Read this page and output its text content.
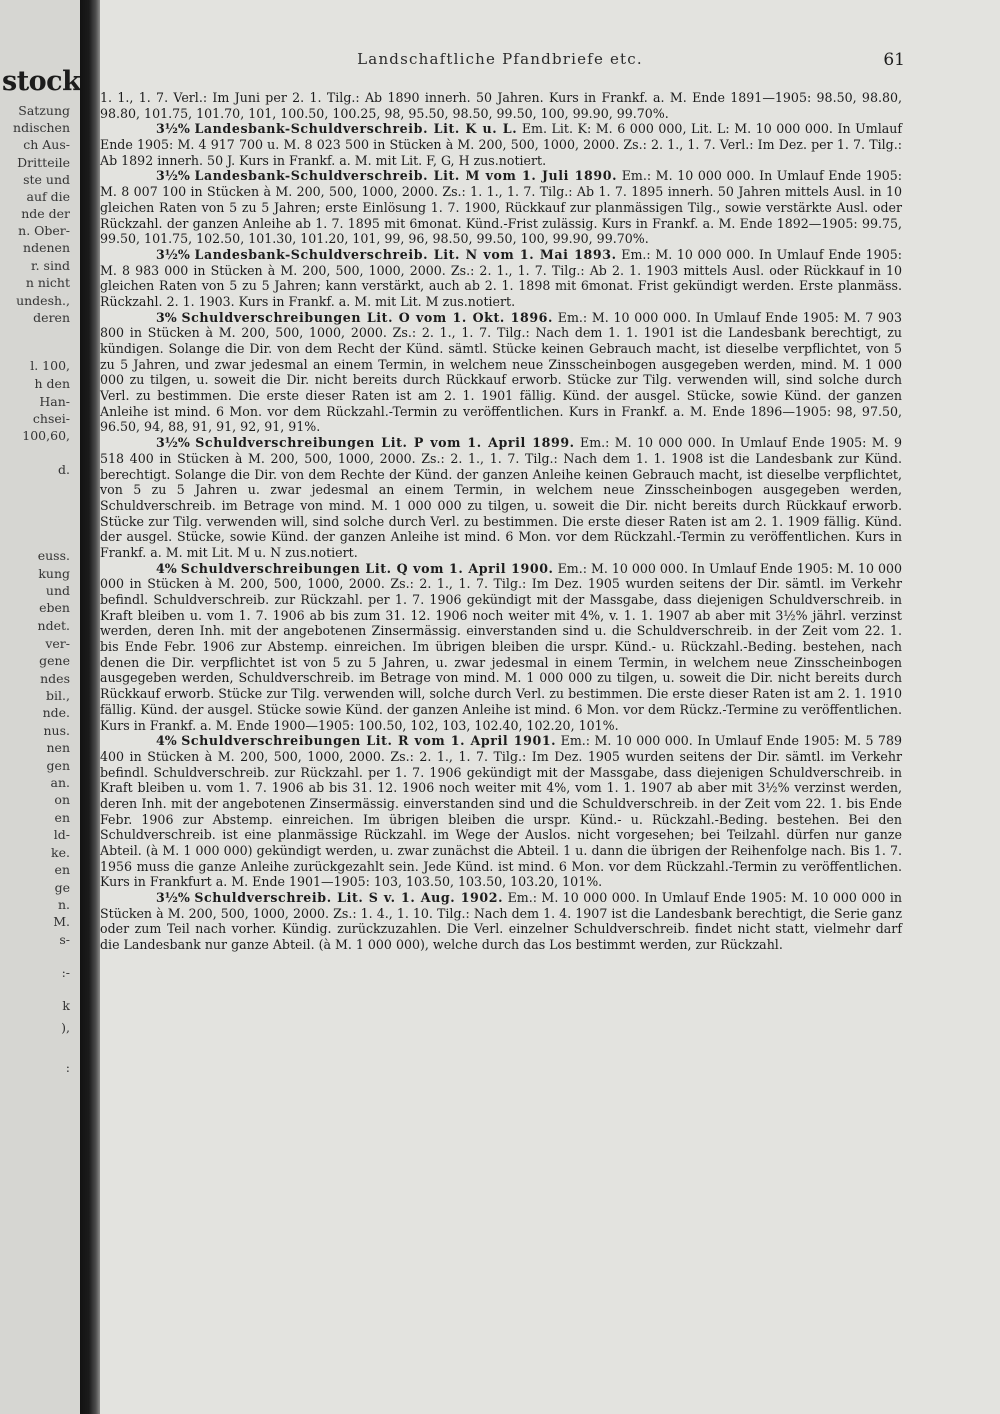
stock
Satzung
ndischen
ch Aus-
Dritteile
ste und
auf die
nde der
n. Ober-
ndenen
r. sind
n nicht
undesh.,
deren
l. 100,
h den
Han-
chsei-
100,60,
d.
euss.
kung
und
eben
ndet.
ver-
gene
ndes
bil.,
nde.
nus.
nen
gen
an.
on
en
ld-
ke.
en
ge
n.
M.
s-
:-
k
),
:
Landschaftliche Pfandbriefe etc.	61

1. 1., 1. 7. Verl.: Im Juni per 2. 1. Tilg.: Ab 1890 innerh. 50 Jahren. Kurs in Frankf. a. M. Ende 1891—1905: 98.50, 98.80, 98.80, 101.75, 101.70, 101, 100.50, 100.25, 98, 95.50, 98.50, 99.50, 100, 99.90, 99.70%.

3½% Landesbank-Schuldverschreib. Lit. K u. L. Em. Lit. K: M. 6 000 000, Lit. L: M. 10 000 000. In Umlauf Ende 1905: M. 4 917 700 u. M. 8 023 500 in Stücken à M. 200, 500, 1000, 2000. Zs.: 2. 1., 1. 7. Verl.: Im Dez. per 1. 7. Tilg.: Ab 1892 innerh. 50 J. Kurs in Frankf. a. M. mit Lit. F, G, H zus.notiert.

3½% Landesbank-Schuldverschreib. Lit. M vom 1. Juli 1890. Em.: M. 10 000 000. In Umlauf Ende 1905: M. 8 007 100 in Stücken à M. 200, 500, 1000, 2000. Zs.: 1. 1., 1. 7. Tilg.: Ab 1. 7. 1895 innerh. 50 Jahren mittels Ausl. in 10 gleichen Raten von 5 zu 5 Jahren; erste Einlösung 1. 7. 1900, Rückkauf zur planmässigen Tilg., sowie verstärkte Ausl. oder Rückzahl. der ganzen Anleihe ab 1. 7. 1895 mit 6monat. Künd.-Frist zulässig. Kurs in Frankf. a. M. Ende 1892—1905: 99.75, 99.50, 101.75, 102.50, 101.30, 101.20, 101, 99, 96, 98.50, 99.50, 100, 99.90, 99.70%.

3½% Landesbank-Schuldverschreib. Lit. N vom 1. Mai 1893. Em.: M. 10 000 000. In Umlauf Ende 1905: M. 8 983 000 in Stücken à M. 200, 500, 1000, 2000. Zs.: 2. 1., 1. 7. Tilg.: Ab 2. 1. 1903 mittels Ausl. oder Rückkauf in 10 gleichen Raten von 5 zu 5 Jahren; kann verstärkt, auch ab 2. 1. 1898 mit 6monat. Frist gekündigt werden. Erste planmäss. Rückzahl. 2. 1. 1903. Kurs in Frankf. a. M. mit Lit. M zus.notiert.

3% Schuldverschreibungen Lit. O vom 1. Okt. 1896. Em.: M. 10 000 000. In Umlauf Ende 1905: M. 7 903 800 in Stücken à M. 200, 500, 1000, 2000. Zs.: 2. 1., 1. 7. Tilg.: Nach dem 1. 1. 1901 ist die Landesbank berechtigt, zu kündigen. Solange die Dir. von dem Recht der Künd. sämtl. Stücke keinen Gebrauch macht, ist dieselbe verpflichtet, von 5 zu 5 Jahren, und zwar jedesmal an einem Termin, in welchem neue Zinsscheinbogen ausgegeben werden, mind. M. 1 000 000 zu tilgen, u. soweit die Dir. nicht bereits durch Rückkauf erworb. Stücke zur Tilg. verwenden will, sind solche durch Verl. zu bestimmen. Die erste dieser Raten ist am 2. 1. 1901 fällig. Künd. der ausgel. Stücke, sowie Künd. der ganzen Anleihe ist mind. 6 Mon. vor dem Rückzahl.-Termin zu veröffentlichen. Kurs in Frankf. a. M. Ende 1896—1905: 98, 97.50, 96.50, 94, 88, 91, 91, 92, 91, 91%.

3½% Schuldverschreibungen Lit. P vom 1. April 1899. Em.: M. 10 000 000. In Umlauf Ende 1905: M. 9 518 400 in Stücken à M. 200, 500, 1000, 2000. Zs.: 2. 1., 1. 7. Tilg.: Nach dem 1. 1. 1908 ist die Landesbank zur Künd. berechtigt. Solange die Dir. von dem Rechte der Künd. der ganzen Anleihe keinen Gebrauch macht, ist dieselbe verpflichtet, von 5 zu 5 Jahren u. zwar jedesmal an einem Termin, in welchem neue Zinsscheinbogen ausgegeben werden, Schuldverschreib. im Betrage von mind. M. 1 000 000 zu tilgen, u. soweit die Dir. nicht bereits durch Rückkauf erworb. Stücke zur Tilg. verwenden will, sind solche durch Verl. zu bestimmen. Die erste dieser Raten ist am 2. 1. 1909 fällig. Künd. der ausgel. Stücke, sowie Künd. der ganzen Anleihe ist mind. 6 Mon. vor dem Rückzahl.-Termin zu veröffentlichen. Kurs in Frankf. a. M. mit Lit. M u. N zus.notiert.

4% Schuldverschreibungen Lit. Q vom 1. April 1900. Em.: M. 10 000 000. In Umlauf Ende 1905: M. 10 000 000 in Stücken à M. 200, 500, 1000, 2000. Zs.: 2. 1., 1. 7. Tilg.: Im Dez. 1905 wurden seitens der Dir. sämtl. im Verkehr befindl. Schuldverschreib. zur Rückzahl. per 1. 7. 1906 gekündigt mit der Massgabe, dass diejenigen Schuldverschreib. in Kraft bleiben u. vom 1. 7. 1906 ab bis zum 31. 12. 1906 noch weiter mit 4%, v. 1. 1. 1907 ab aber mit 3½% jährl. verzinst werden, deren Inh. mit der angebotenen Zinsermässig. einverstanden sind u. die Schuldverschreib. in der Zeit vom 22. 1. bis Ende Febr. 1906 zur Abstemp. einreichen. Im übrigen bleiben die urspr. Künd.- u. Rückzahl.-Beding. bestehen, nach denen die Dir. verpflichtet ist von 5 zu 5 Jahren, u. zwar jedesmal in einem Termin, in welchem neue Zinsscheinbogen ausgegeben werden, Schuldverschreib. im Betrage von mind. M. 1 000 000 zu tilgen, u. soweit die Dir. nicht bereits durch Rückkauf erworb. Stücke zur Tilg. verwenden will, solche durch Verl. zu bestimmen. Die erste dieser Raten ist am 2. 1. 1910 fällig. Künd. der ausgel. Stücke sowie Künd. der ganzen Anleihe ist mind. 6 Mon. vor dem Rückz.-Termine zu veröffentlichen. Kurs in Frankf. a. M. Ende 1900—1905: 100.50, 102, 103, 102.40, 102.20, 101%.

4% Schuldverschreibungen Lit. R vom 1. April 1901. Em.: M. 10 000 000. In Umlauf Ende 1905: M. 5 789 400 in Stücken à M. 200, 500, 1000, 2000. Zs.: 2. 1., 1. 7. Tilg.: Im Dez. 1905 wurden seitens der Dir. sämtl. im Verkehr befindl. Schuldverschreib. zur Rückzahl. per 1. 7. 1906 gekündigt mit der Massgabe, dass diejenigen Schuldverschreib. in Kraft bleiben u. vom 1. 7. 1906 ab bis 31. 12. 1906 noch weiter mit 4%, vom 1. 1. 1907 ab aber mit 3½% verzinst werden, deren Inh. mit der angebotenen Zinsermässig. einverstanden sind und die Schuldverschreib. in der Zeit vom 22. 1. bis Ende Febr. 1906 zur Abstemp. einreichen. Im übrigen bleiben die urspr. Künd.- u. Rückzahl.-Beding. bestehen. Bei den Schuldverschreib. ist eine planmässige Rückzahl. im Wege der Auslos. nicht vorgesehen; bei Teilzahl. dürfen nur ganze Abteil. (à M. 1 000 000) gekündigt werden, u. zwar zunächst die Abteil. 1 u. dann die übrigen der Reihenfolge nach. Bis 1. 7. 1956 muss die ganze Anleihe zurückgezahlt sein. Jede Künd. ist mind. 6 Mon. vor dem Rückzahl.-Termin zu veröffentlichen. Kurs in Frankfurt a. M. Ende 1901—1905: 103, 103.50, 103.50, 103.20, 101%.

3½% Schuldverschreib. Lit. S v. 1. Aug. 1902. Em.: M. 10 000 000. In Umlauf Ende 1905: M. 10 000 000 in Stücken à M. 200, 500, 1000, 2000. Zs.: 1. 4., 1. 10. Tilg.: Nach dem 1. 4. 1907 ist die Landesbank berechtigt, die Serie ganz oder zum Teil nach vorher. Kündig. zurückzuzahlen. Die Verl. einzelner Schuldverschreib. findet nicht statt, vielmehr darf die Landesbank nur ganze Abteil. (à M. 1 000 000), welche durch das Los bestimmt werden, zur Rückzahl.
